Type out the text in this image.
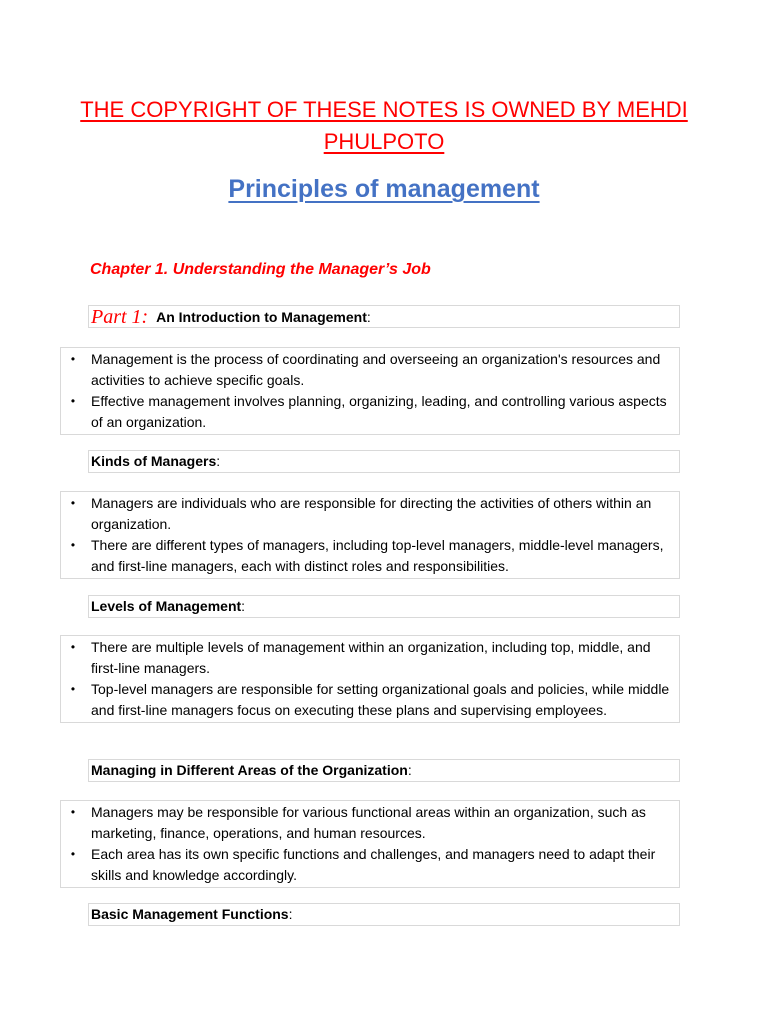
THE COPYRIGHT OF THESE NOTES IS OWNED BY MEHDI PHULPOTO
Principles of management
Chapter 1. Understanding the Manager’s Job
Part 1: An Introduction to Management:
• Management is the process of coordinating and overseeing an organization's resources and activities to achieve specific goals.
• Effective management involves planning, organizing, leading, and controlling various aspects of an organization.
Kinds of Managers:
• Managers are individuals who are responsible for directing the activities of others within an organization.
• There are different types of managers, including top-level managers, middle-level managers, and first-line managers, each with distinct roles and responsibilities.
Levels of Management:
• There are multiple levels of management within an organization, including top, middle, and first-line managers.
• Top-level managers are responsible for setting organizational goals and policies, while middle and first-line managers focus on executing these plans and supervising employees.
Managing in Different Areas of the Organization:
• Managers may be responsible for various functional areas within an organization, such as marketing, finance, operations, and human resources.
• Each area has its own specific functions and challenges, and managers need to adapt their skills and knowledge accordingly.
Basic Management Functions:
